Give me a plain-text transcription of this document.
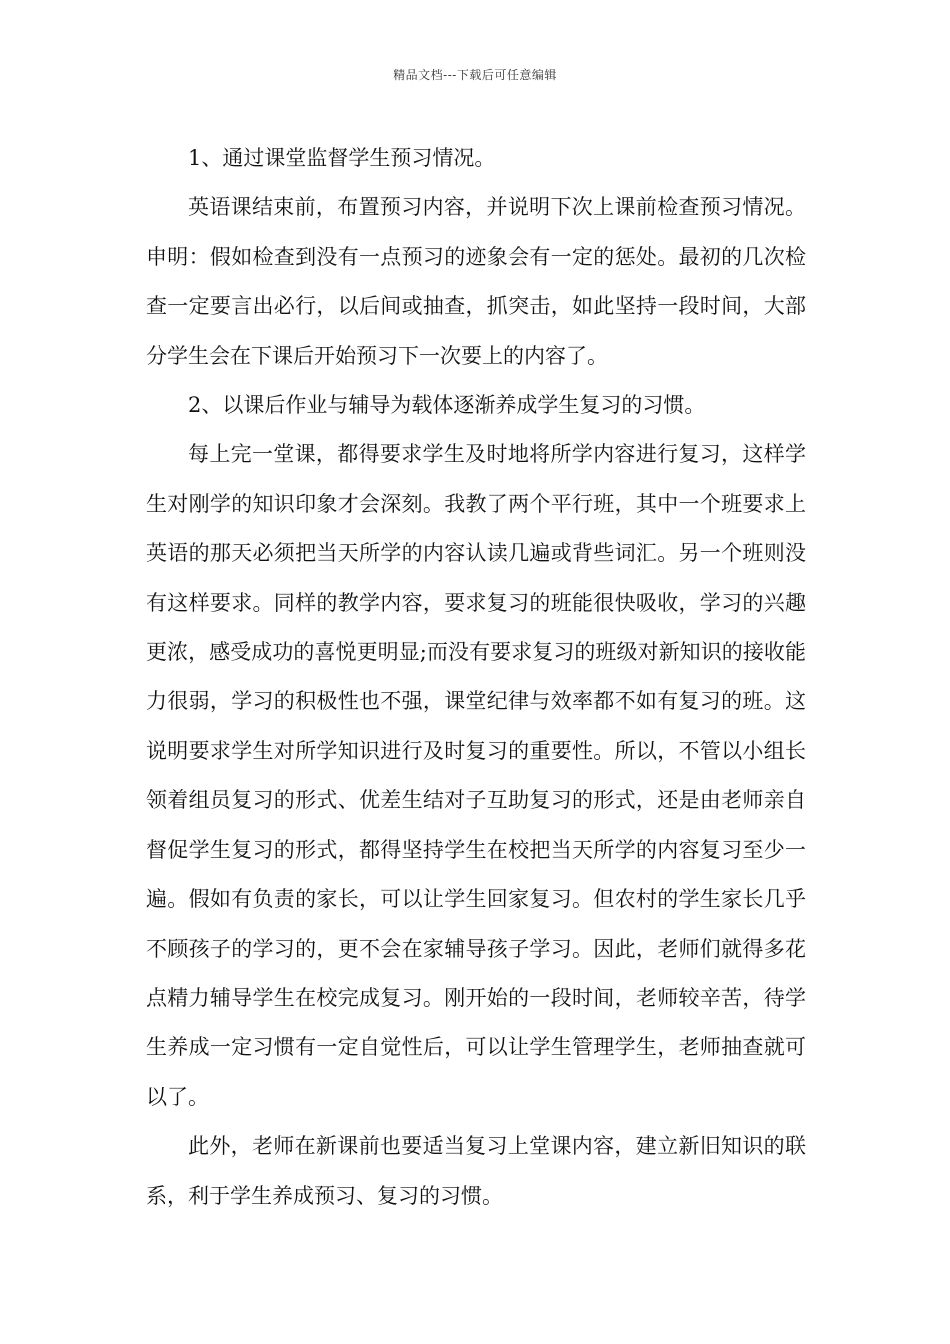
精品文档---下载后可任意编辑

1、通过课堂监督学生预习情况。

英语课结束前，布置预习内容，并说明下次上课前检查预习情况。申明：假如检查到没有一点预习的迹象会有一定的惩处。最初的几次检查一定要言出必行，以后间或抽查，抓突击，如此坚持一段时间，大部分学生会在下课后开始预习下一次要上的内容了。

2、以课后作业与辅导为载体逐渐养成学生复习的习惯。

每上完一堂课，都得要求学生及时地将所学内容进行复习，这样学生对刚学的知识印象才会深刻。我教了两个平行班，其中一个班要求上英语的那天必须把当天所学的内容认读几遍或背些词汇。另一个班则没有这样要求。同样的教学内容，要求复习的班能很快吸收，学习的兴趣更浓，感受成功的喜悦更明显;而没有要求复习的班级对新知识的接收能力很弱，学习的积极性也不强，课堂纪律与效率都不如有复习的班。这说明要求学生对所学知识进行及时复习的重要性。所以，不管以小组长领着组员复习的形式、优差生结对子互助复习的形式，还是由老师亲自督促学生复习的形式，都得坚持学生在校把当天所学的内容复习至少一遍。假如有负责的家长，可以让学生回家复习。但农村的学生家长几乎不顾孩子的学习的，更不会在家辅导孩子学习。因此，老师们就得多花点精力辅导学生在校完成复习。刚开始的一段时间，老师较辛苦，待学生养成一定习惯有一定自觉性后，可以让学生管理学生，老师抽查就可以了。

此外，老师在新课前也要适当复习上堂课内容，建立新旧知识的联系，利于学生养成预习、复习的习惯。
